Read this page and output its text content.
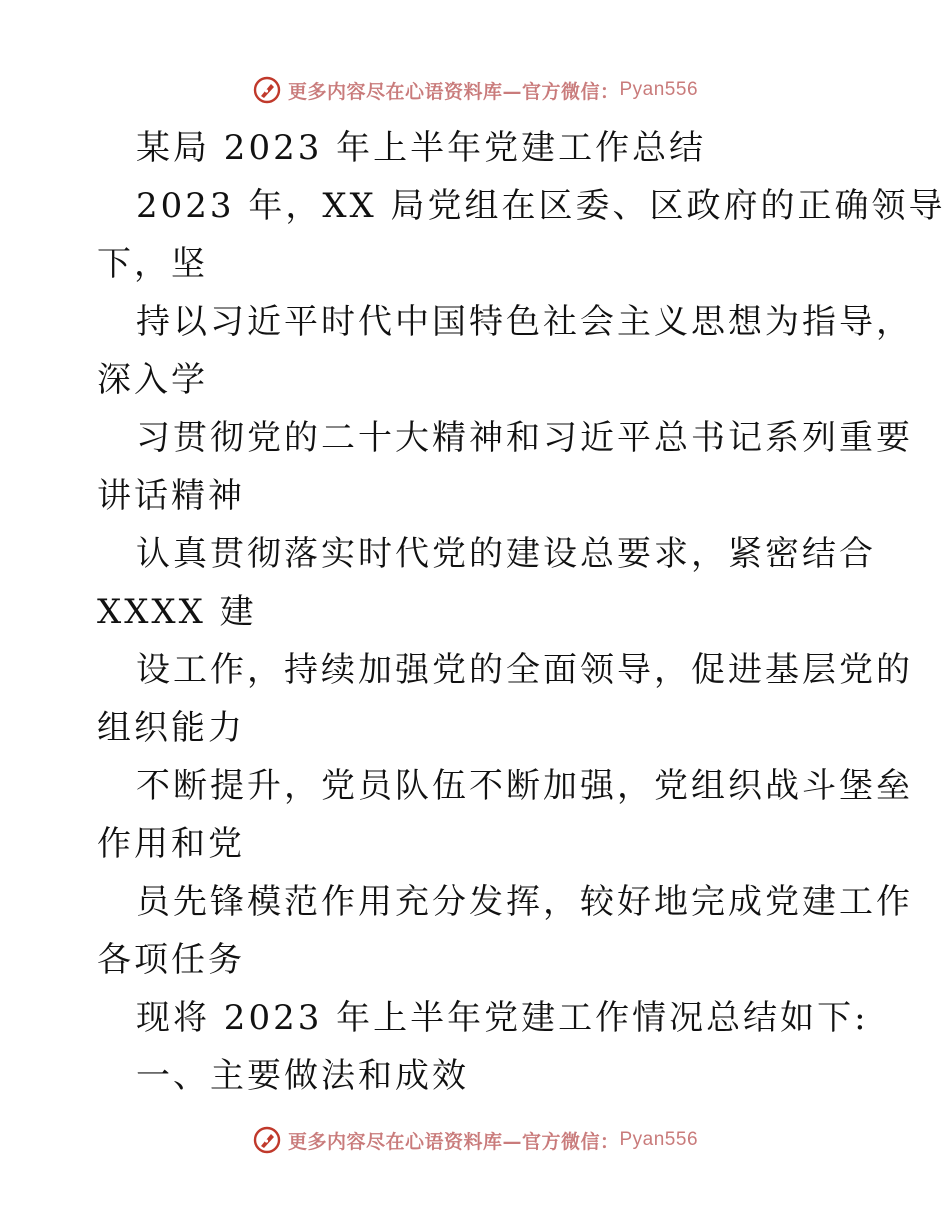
更多内容尽在心语资料库—官方微信： Pyan556
某局 2023 年上半年党建工作总结
2023 年，XX 局党组在区委、区政府的正确领导
下，坚
持以习近平时代中国特色社会主义思想为指导，
深入学
习贯彻党的二十大精神和习近平总书记系列重要
讲话精神
认真贯彻落实时代党的建设总要求，紧密结合
XXXX 建
设工作，持续加强党的全面领导，促进基层党的
组织能力
不断提升，党员队伍不断加强，党组织战斗堡垒
作用和党
员先锋模范作用充分发挥，较好地完成党建工作
各项任务
现将 2023 年上半年党建工作情况总结如下:
一、主要做法和成效
更多内容尽在心语资料库—官方微信： Pyan556
